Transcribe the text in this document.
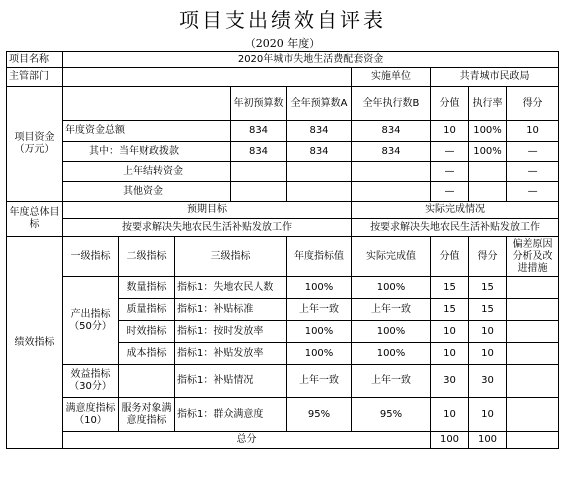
项目支出绩效自评表
（2020 年度）
项目名称	2020年城市失地生活费配套资金								
主管部门						实施单位	共青城市民政局		
项目资金（万元）				年初预算数	全年预算数A	全年执行数B	分值	执行率	得分
	年度资金总额			834	834	834	10	100%	10
	其中：当年财政拨款			834	834	834	—	100%	—
	上年结转资金						—		—
	其他资金						—		—
年度总体目标	预期目标					实际完成情况			
	按要求解决失地农民生活补贴发放工作					按要求解决失地农民生活补贴发放工作			
绩效指标	一级指标	二级指标	三级指标		年度指标值	实际完成值	分值	得分	偏差原因分析及改进措施
	产出指标（50分）	数量指标	指标1：失地农民人数		100%	100%	15	15	
		质量指标	指标1：补贴标准		上年一致	上年一致	15	15	
		时效指标	指标1：按时发放率		100%	100%	10	10	
		成本指标	指标1：补贴发放率		100%	100%	10	10	
	效益指标（30分）		指标1：补贴情况		上年一致	上年一致	30	30	
	满意度指标（10）	服务对象满意度指标	指标1：群众满意度		95%	95%	10	10	
	总分						100	100	
